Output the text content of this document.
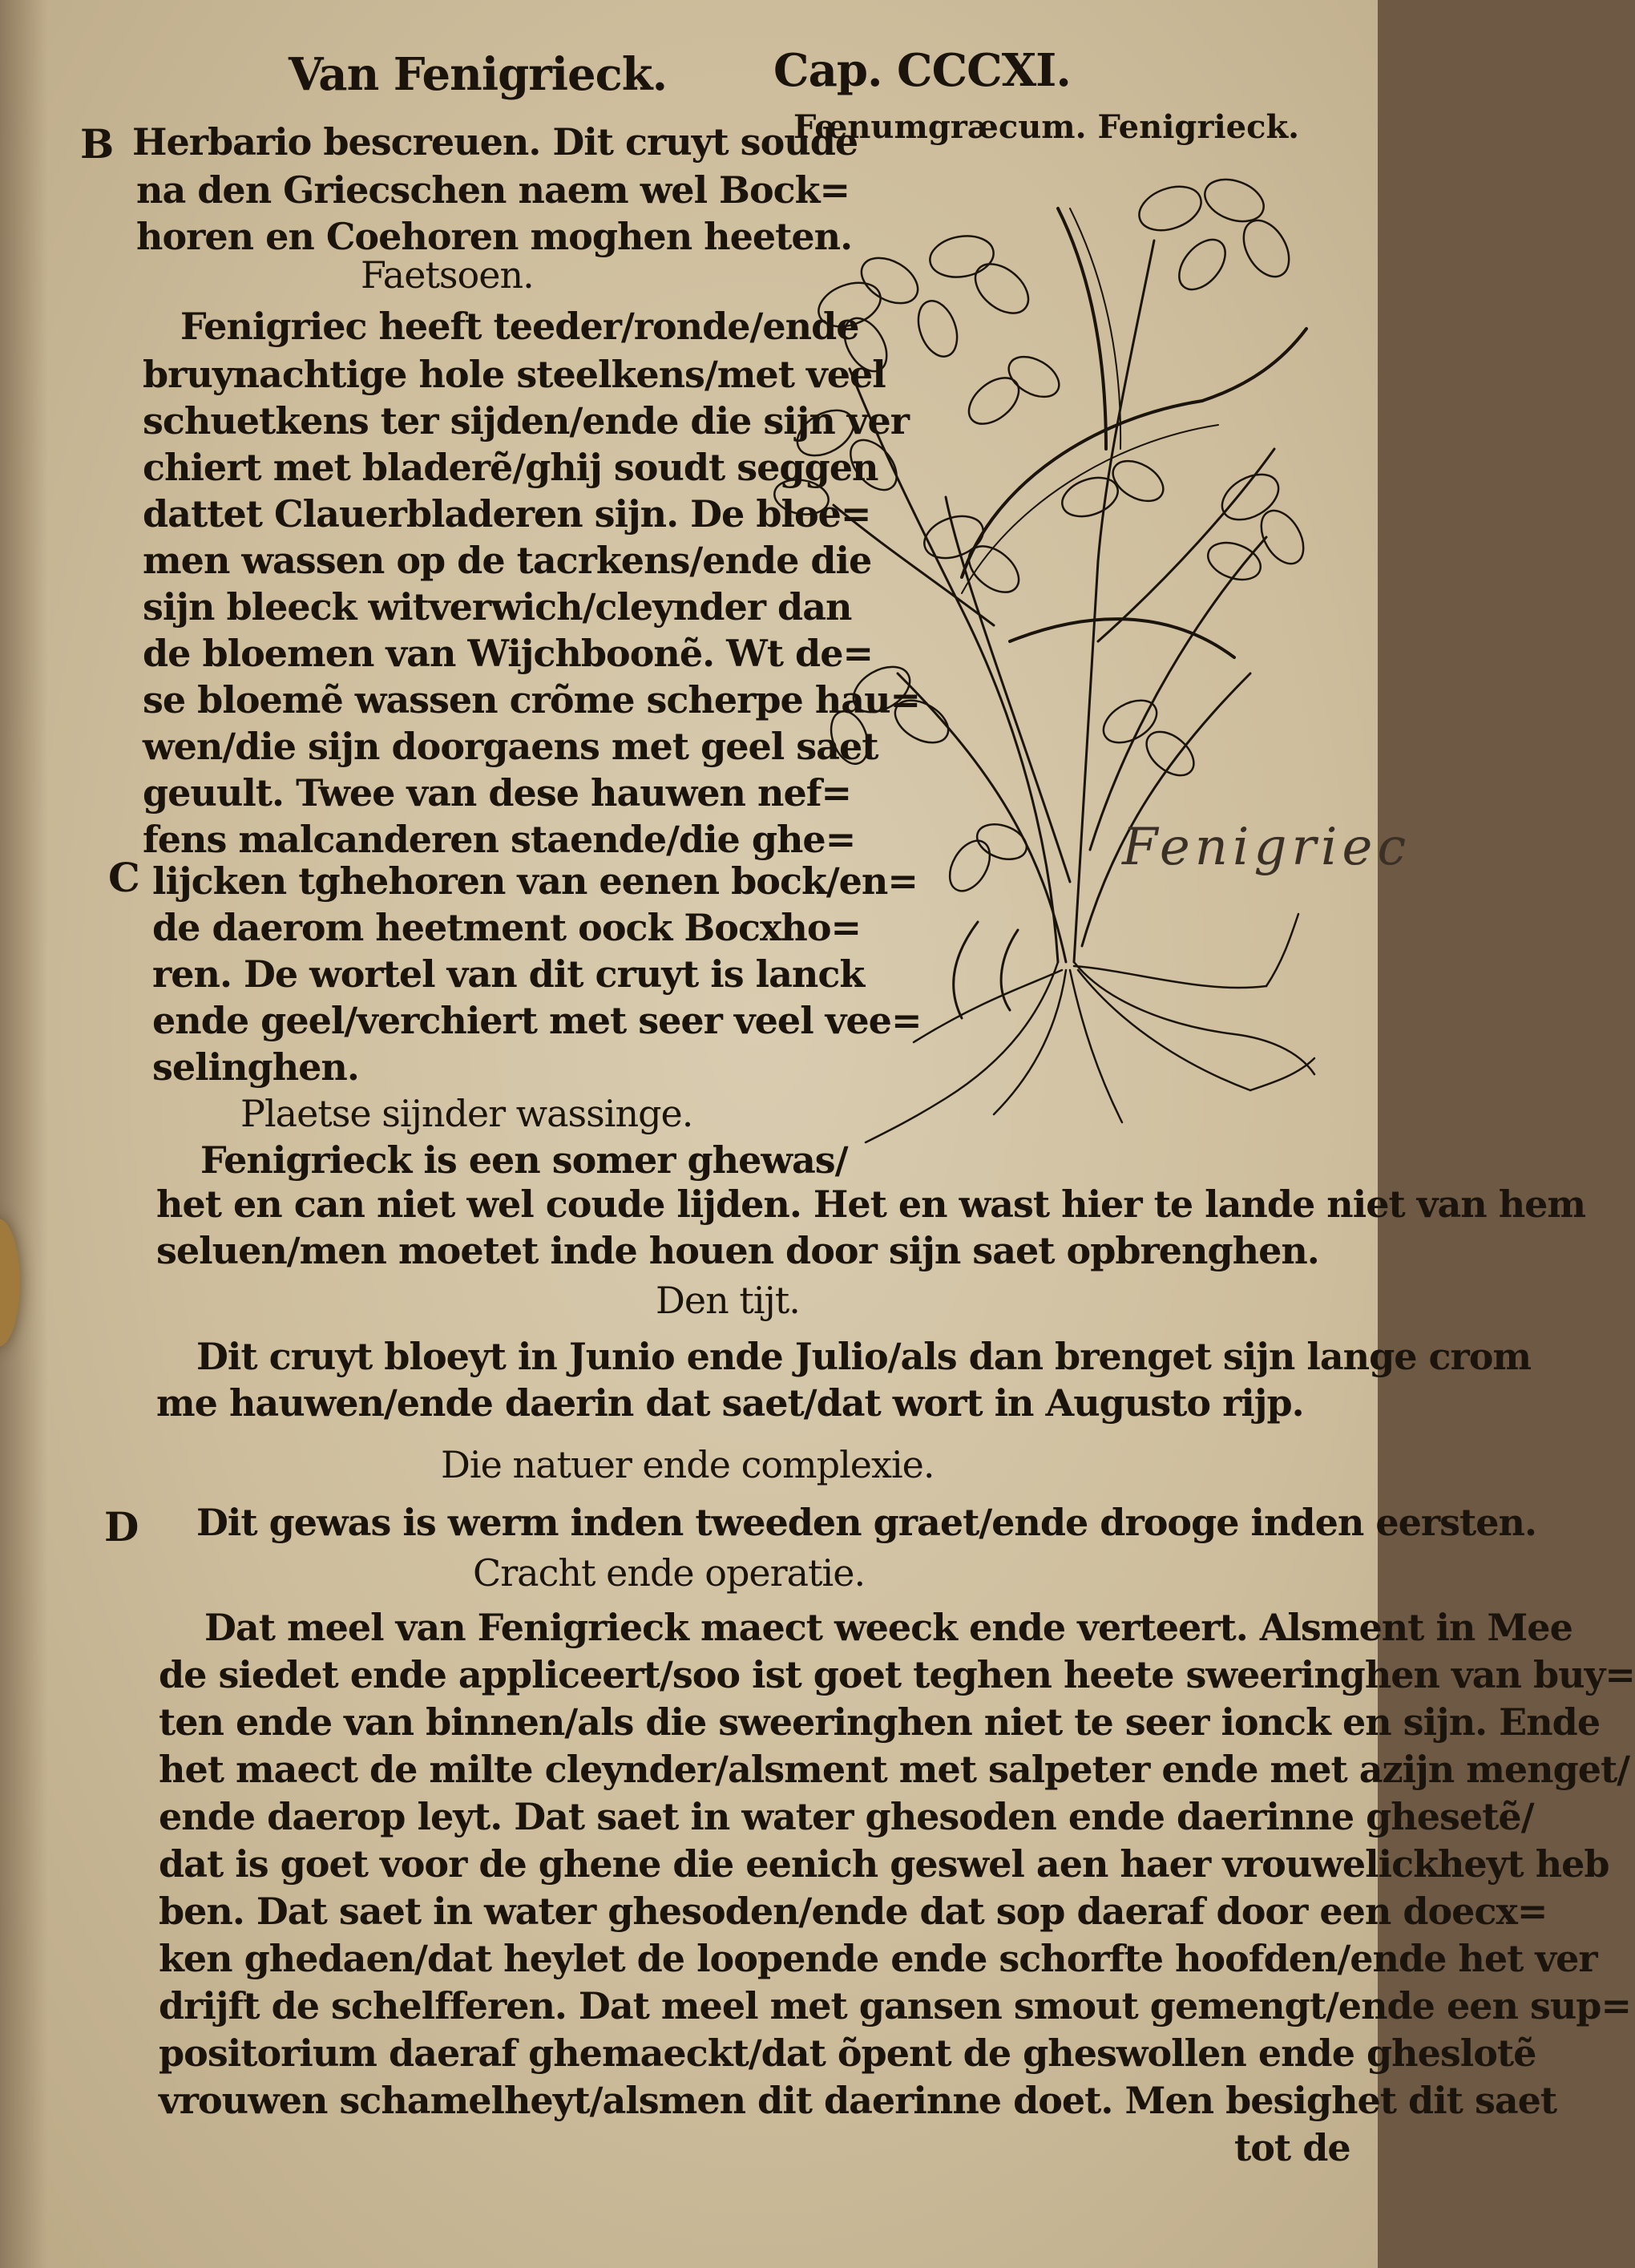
Van Fenigrieck. Cap. CCCXI.
Fœnumgræcum. Fenigrieck.
B
C
D
Herbario bescreuen. Dit cruyt soude
na den Griecschen naem wel Bock=
horen en Coehoren moghen heeten.
Faetsoen.
Fenigriec heeft teeder/ronde/ende
bruynachtige hole steelkens/met veel
schuetkens ter sijden/ende die sijn ver
chiert met bladerẽ/ghij soudt seggen
dattet Clauerbladeren sijn. De bloe=
men wassen op de tacrkens/ende die
sijn bleeck witverwich/cleynder dan
de bloemen van Wijchboonẽ. Wt de=
se bloemẽ wassen crõme scherpe hau=
wen/die sijn doorgaens met geel saet
geuult. Twee van dese hauwen nef=
fens malcanderen staende/die ghe=
lijcken tghehoren van eenen bock/en=
de daerom heetment oock Bocxho=
ren. De wortel van dit cruyt is lanck
ende geel/verchiert met seer veel vee=
selinghen.
Plaetse sijnder wassinge.
Fenigrieck is een somer ghewas/
het en can niet wel coude lijden. Het en wast hier te lande niet van hem
seluen/men moetet inde houen door sijn saet opbrenghen.
Den tijt.
Dit cruyt bloeyt in Junio ende Julio/als dan brenget sijn lange crom
me hauwen/ende daerin dat saet/dat wort in Augusto rijp.
Die natuer ende complexie.
Dit gewas is werm inden tweeden graet/ende drooge inden eersten.
Cracht ende operatie.
Dat meel van Fenigrieck maect weeck ende verteert. Alsment in Mee
de siedet ende appliceert/soo ist goet teghen heete sweeringhen van buy=
ten ende van binnen/als die sweeringhen niet te seer ionck en sijn. Ende
het maect de milte cleynder/alsment met salpeter ende met azijn menget/
ende daerop leyt. Dat saet in water ghesoden ende daerinne ghesetẽ/
dat is goet voor de ghene die eenich geswel aen haer vrouwelickheyt heb
ben. Dat saet in water ghesoden/ende dat sop daeraf door een doecx=
ken ghedaen/dat heylet de loopende ende schorfte hoofden/ende het ver
drijft de schelfferen. Dat meel met gansen smout gemengt/ende een sup=
positorium daeraf ghemaeckt/dat õpent de gheswollen ende gheslotẽ
vrouwen schamelheyt/alsmen dit daerinne doet. Men besighet dit saet
tot de
Fenigriec
